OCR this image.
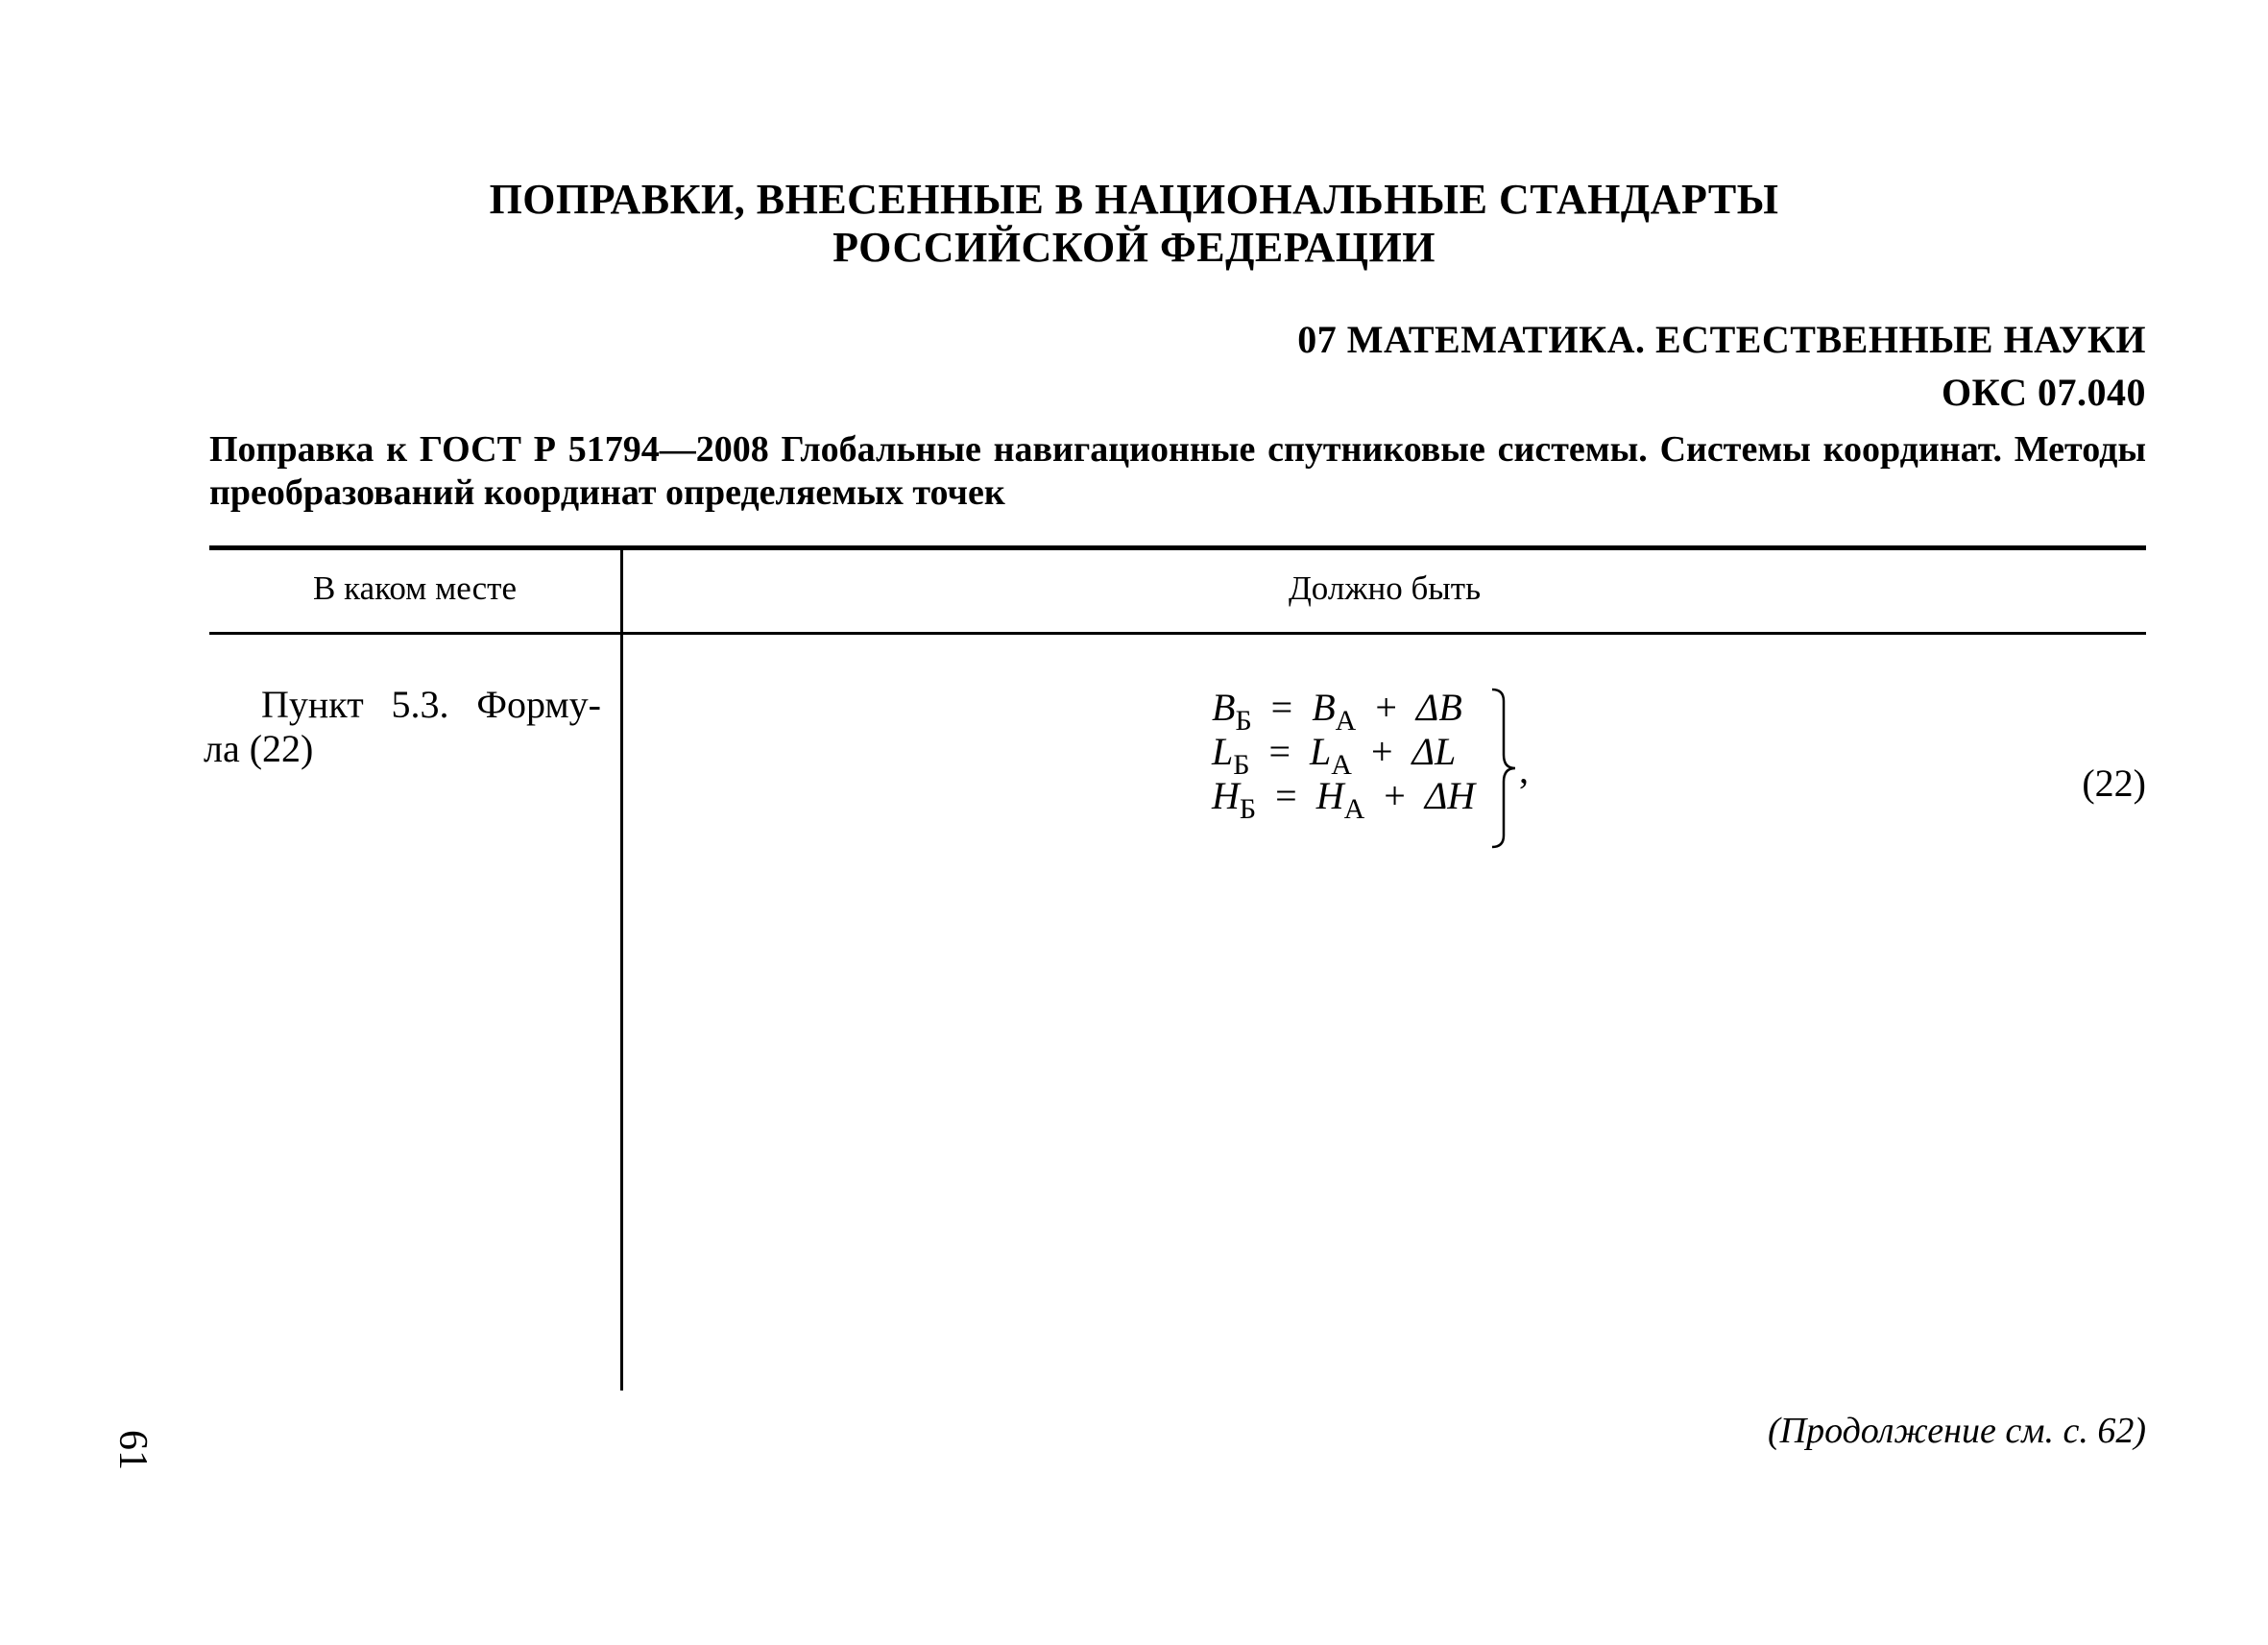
ПОПРАВКИ, ВНЕСЕННЫЕ В НАЦИОНАЛЬНЫЕ СТАНДАРТЫ
РОССИЙСКОЙ ФЕДЕРАЦИИ
07 МАТЕМАТИКА. ЕСТЕСТВЕННЫЕ НАУКИ
ОКС 07.040
Поправка к ГОСТ Р 51794—2008 Глобальные навигационные спутниковые системы. Системы координат. Методы преобразований координат определяемых точек
В каком месте	Должно быть
Пункт 5.3. Форму-
ла (22)
$B_Б = B_А + \Delta B$
$L_Б = L_А + \Delta L$
$H_Б = H_А + \Delta H$
,	(22)
(Продолжение см. с. 62)
61
